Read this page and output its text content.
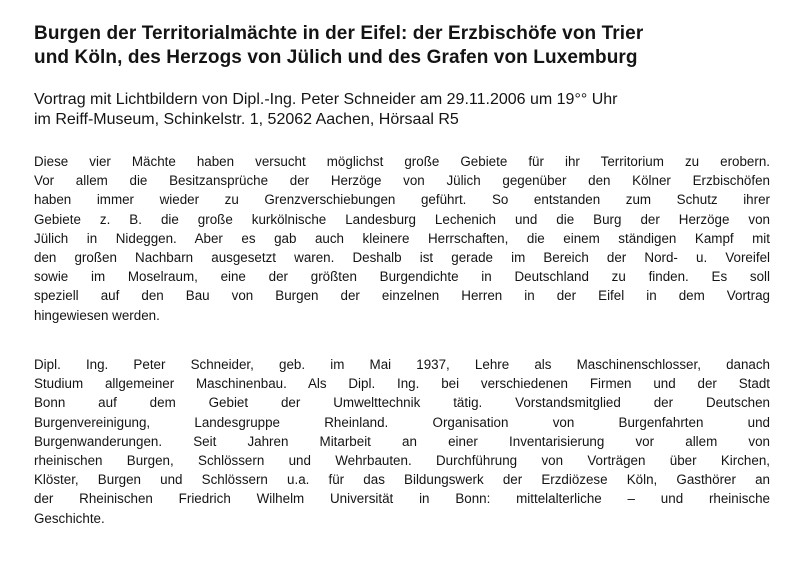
Burgen der Territorialmächte in der Eifel: der Erzbischöfe von Trier
und Köln, des Herzogs von Jülich und des Grafen von Luxemburg

Vortrag mit Lichtbildern von Dipl.-Ing. Peter Schneider am 29.11.2006 um 19°° Uhr
im Reiff-Museum, Schinkelstr. 1, 52062 Aachen, Hörsaal R5

Diese vier Mächte haben versucht möglichst große Gebiete für ihr Territorium zu erobern.
Vor allem die Besitzansprüche der Herzöge von Jülich gegenüber den Kölner Erzbischöfen
haben immer wieder zu Grenzverschiebungen geführt. So entstanden zum Schutz ihrer
Gebiete z. B. die große kurkölnische Landesburg Lechenich und die Burg der Herzöge von
Jülich in Nideggen. Aber es gab auch kleinere Herrschaften, die einem ständigen Kampf mit
den großen Nachbarn ausgesetzt waren. Deshalb ist gerade im Bereich der Nord- u. Voreifel
sowie im Moselraum, eine der größten Burgendichte in Deutschland zu finden. Es soll
speziell auf den Bau von Burgen der einzelnen Herren in der Eifel in dem Vortrag
hingewiesen werden.

Dipl. Ing. Peter Schneider, geb. im Mai 1937, Lehre als Maschinenschlosser, danach
Studium allgemeiner Maschinenbau. Als Dipl. Ing. bei verschiedenen Firmen und der Stadt
Bonn auf dem Gebiet der Umwelttechnik tätig. Vorstandsmitglied der Deutschen
Burgenvereinigung, Landesgruppe Rheinland. Organisation von Burgenfahrten und
Burgenwanderungen. Seit Jahren Mitarbeit an einer Inventarisierung vor allem von
rheinischen Burgen, Schlössern und Wehrbauten. Durchführung von Vorträgen über Kirchen,
Klöster, Burgen und Schlössern u.a. für das Bildungswerk der Erzdiözese Köln, Gasthörer an
der Rheinischen Friedrich Wilhelm Universität in Bonn: mittelalterliche – und rheinische
Geschichte.
